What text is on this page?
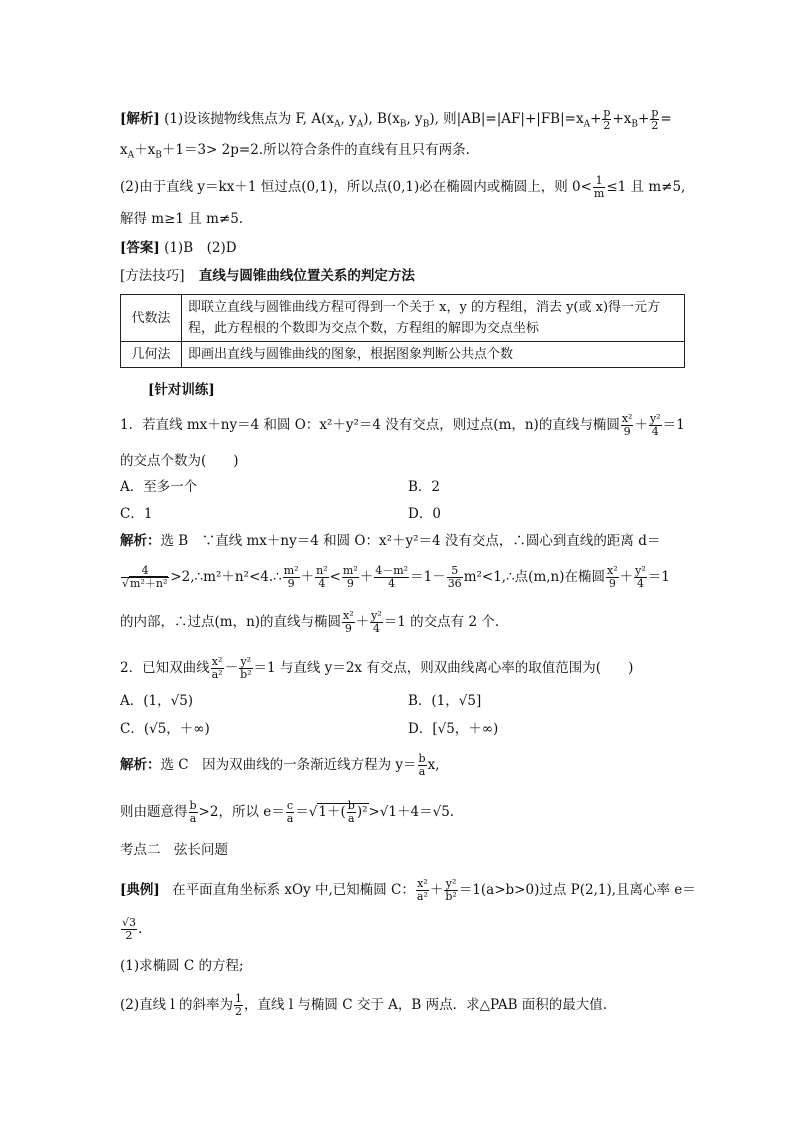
[解析] (1)设该抛物线焦点为 F, $A(x_A$, $y_A$), $B(x_B$, $y_B$), 则$|AB|=|AF|+|FB|=x_A+ \frac{p}{2} +x_B+ \frac{p}{2}$ =
$x_A+x_B+1=3> 2p=2$.所以符合条件的直线有且只有两条.
(2)由于直线 y＝kx＋1 恒过点(0,1)，所以点(0,1)必在椭圆内或椭圆上，则 $0< \frac{1}{m} \le 1$ 且 m≠5,
解得 m≥1 且 m≠5.
[答案] (1)B　(2)D
[方法技巧] 直线与圆锥曲线位置关系的判定方法
代数法	即联立直线与圆锥曲线方程可得到一个关于 x，y 的方程组，消去 y(或 x)得一元方程，此方程根的个数即为交点个数，方程组的解即为交点坐标
几何法	即画出直线与圆锥曲线的图象，根据图象判断公共点个数
[针对训练]
1．若直线 mx＋ny＝4 和圆 O：x²＋y²＝4 没有交点，则过点(m，n)的直线与椭圆 $\frac{\text{x²}}{9} + \frac{\text{y²}}{4} =1$
的交点个数为(　　)
A．至多一个	B．2
C．1	D．0
解析：选 B　∵直线 mx＋ny＝4 和圆 O：x²＋y²＝4 没有交点，∴圆心到直线的距离 d＝
$\frac{4}{\text{√m²＋n²}}$ >2,∴m²＋n²<4.∴ $\frac{\text{m²}}{9} + \frac{\text{n²}}{4} < \frac{\text{m²}}{9} + \frac{\text{4－m²}}{4} =1- \frac{5}{36}$ m²<1,∴点(m,n)在椭圆 $\frac{\text{x²}}{9} + \frac{\text{y²}}{4} =1$
的内部，∴过点(m，n)的直线与椭圆 $\frac{\text{x²}}{9} + \frac{\text{y²}}{4} =1$ 的交点有 2 个.
2．已知双曲线 $\frac{\text{x²}}{\text{a²}} - \frac{\text{y²}}{\text{b²}} =1$ 与直线 y＝2x 有交点，则双曲线离心率的取值范围为(　　)
A．(1，√5)	B．(1，√5]
C．(√5，＋∞)	D．[√5，＋∞)
解析：选 C　因为双曲线的一条渐近线方程为 $y= \frac{b}{a} x$,
则由题意得 $\frac{b}{a} >2$，所以 $e= \frac{c}{a} =√1+( \frac{b}{a} )^2>√1+4=√5$.
考点二　弦长问题
[典例] 在平面直角坐标系 xOy 中,已知椭圆 C： $\frac{\text{x²}}{\text{a²}} + \frac{\text{y²}}{\text{b²}} =1(a>b>0)$过点 P(2,1),且离心率 e＝
$\frac{√3}{2}$ .
(1)求椭圆 C 的方程;
(2)直线 l 的斜率为 $\frac{1}{2}$ ，直线 l 与椭圆 C 交于 A，B 两点．求△PAB 面积的最大值.
